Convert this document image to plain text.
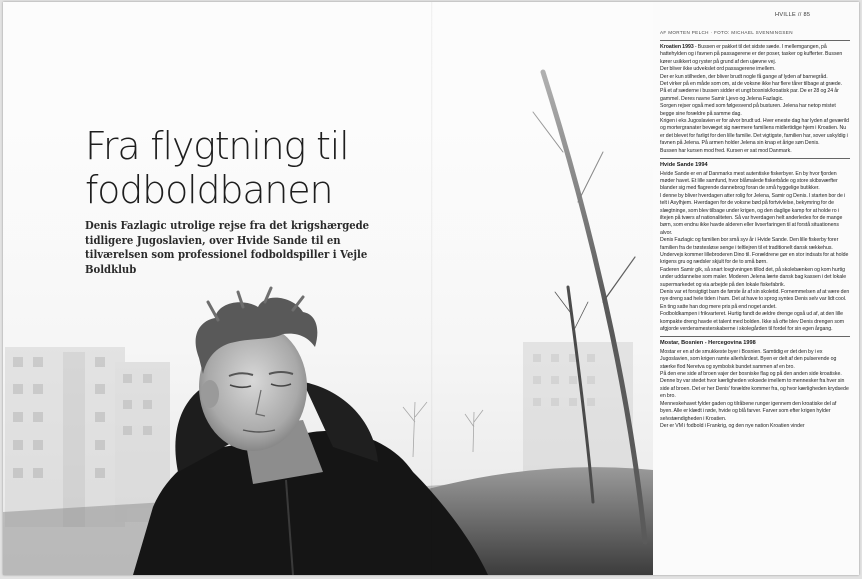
Fra flygtning til
fodboldbanen

Denis Fazlagic utrolige rejse fra det krigshærgede tidligere Jugoslavien, over Hvide Sande til en tilværelsen som professionel fodboldspiller i Vejle Boldklub

HVILLE // 85
AF MORTEN PELCH · FOTO: MICHAEL SVENNINGSEN

Kroatien 1993 - Bussen er pakket til det sidste sæde. I mellemgangen, på hattehylden og i favnen på passagerene er der poser, tasker og kufferter. Bussen kører usikkert og ryster på grund af den ujævne vej.

Der bliver ikke udvekslet ord passagerene imellem.

Der er kun stilheden, der bliver brudt nogle få gange af lyden af barnegråd.

Det virker på en måde som om, at de voksne ikke har flere tårer tilbage at græde.

På et af sæderne i bussen sidder et ungt bosnisk/kroatisk par. De er 28 og 24 år gammel. Deres navne Samir Ljevo og Jelena Fazlagic.

Sorgen rejser også med som følgesvend på busturen. Jelena har netop mistet begge sine forældre på samme dag.

Krigen i eks Jugoslavien er for alvor brudt ud. Hver eneste dag har lyden af geværild og mortergranater bevæget sig nærmere familiens midlertidige hjem i Kroatien. Nu er det blevet for farligt for den lille familie. Det vigtigste, familien har, sover uskyldig i favnen på Jelena. På armen holder Jelena sin knap et årige søn Denis.

Bussen har kursen mod fred. Kursen er sat mod Danmark.

Hvide Sande 1994

Hvide Sande er en af Danmarks mest autentiske fiskerbyer. En by hvor fjorden møder havet. Et lille samfund, hvor blåmalede fiskerbåde og store skibsværfter blander sig med flagrende dannebrog foran de små hyggelige butikker.

I denne by bliver hverdagen atter rolig for Jelena, Samir og Denis. I starten bor de i telt i Asylhjem. Hverdagen for de voksne bød på fortvivlelse, bekymring for de slægtninge, som blev tilbage under krigen, og den daglige kamp for at holde ro i iltejen på tværs af nationaliteten. Så var hverdagen helt anderledes for de mange børn, som endnu ikke havde alderen eller livserfaringen til at forstå situationens alvor.

Denis Fazlagic og familien bor små syv år i Hvide Sande. Den lille fiskerby forer familien fra de trøstesløse senge i teltlejren til et traditionelt dansk rækkehus. Undervejs kommer lillebroderen Dino til. Forældrene gør en stor indsats for at holde krigens gru og rædsler skjult for de to små børn.

Faderen Samir gik, så snart lovgivningen tillod det, på skolebænken og kom hurtig under uddannelse som maler. Moderen Jelena lærte dansk bag kassen i det lokale supermarkedet og via arbejde på den lokale fiskefabrik.

Denis var et forsigtigt barn de første år af sin skoletid. Fornemmelsen af at være den nye dreng sad hele tiden i ham. Det at have to sprog syntes Denis selv var lidt cool.

En ting satte han dog mere pris på end noget andet.

Fodboldkampen i frikvarteret. Hurtig fandt de ældre drenge også ud af, at den lille kompakte dreng havde et talent med bolden. Ikke så ofte blev Denis drengen som afgjorde verdensmesterskaberne i skolegården til fordel for sin egen årgang.

Mostar, Bosnien - Hercegovina 1998

Mostar er en af de smukkeste byer i Bosnien. Samtidig er det den by i ex Jugoslavien, som krigen ramte allerhårdest. Byen er delt af den pulserende og stærke flod Neretva og symbolsk bundet sammen af en bro.

På den ene side af broen vajer der bosniske flag og på den anden side kroatiske.

Denne by var stedet hvor kærligheden voksede imellem to mennesker fra hver sin side af broen. Det er her Denis' forældre kommer fra, og hvor kærligheden krydsede en bro.

Menneskehavet fylder gaden og tilråbene runger igennem den kroatiske del af byen. Alle er klædt i røde, hvide og blå farver. Farver som efter krigen hylder selvstændigheden i Kroatien.

Der er VM i fodbold i Frankrig, og den nye nation Kroatien vinder
